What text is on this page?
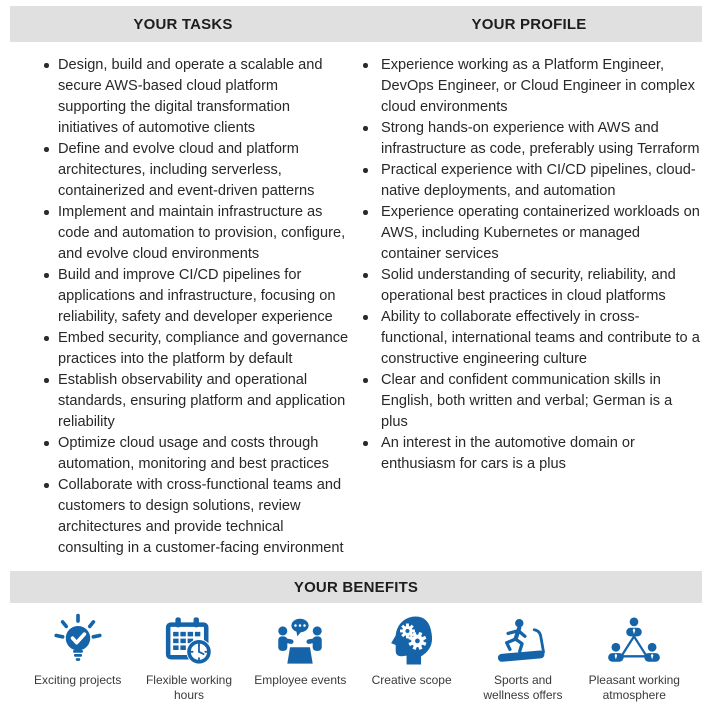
YOUR TASKS	YOUR PROFILE
Design, build and operate a scalable and secure AWS-based cloud platform supporting the digital transformation initiatives of automotive clients
Define and evolve cloud and platform architectures, including serverless, containerized and event-driven patterns
Implement and maintain infrastructure as code and automation to provision, configure, and evolve cloud environments
Build and improve CI/CD pipelines for applications and infrastructure, focusing on reliability, safety and developer experience
Embed security, compliance and governance practices into the platform by default
Establish observability and operational standards, ensuring platform and application reliability
Optimize cloud usage and costs through automation, monitoring and best practices
Collaborate with cross-functional teams and customers to design solutions, review architectures and provide technical consulting in a customer-facing environment
Experience working as a Platform Engineer, DevOps Engineer, or Cloud Engineer in complex cloud environments
Strong hands-on experience with AWS and infrastructure as code, preferably using Terraform
Practical experience with CI/CD pipelines, cloud-native deployments, and automation
Experience operating containerized workloads on AWS, including Kubernetes or managed container services
Solid understanding of security, reliability, and operational best practices in cloud platforms
Ability to collaborate effectively in cross-functional, international teams and contribute to a constructive engineering culture
Clear and confident communication skills in English, both written and verbal; German is a plus
An interest in the automotive domain or enthusiasm for cars is a plus
YOUR BENEFITS
Exciting projects	Flexible working hours
Employee events	Creative scope	Sports and wellness offers
Pleasant working atmosphere
